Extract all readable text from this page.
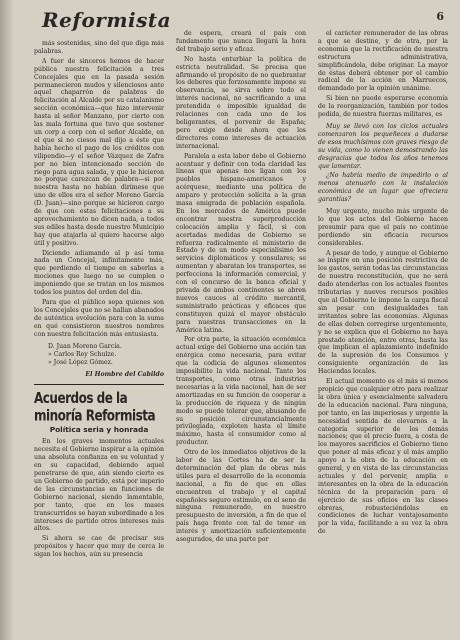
Reformista	6

más sostenidas, sino del que diga más palabras.

A fuer de sinceros hemos de hacer pública nuestra felicitación a tres Concejales que en la pasada sesión permanecieron mudos y silenciosos ante aquel chaparrón de palabras de felicitación al Alcalde por su catalanismo sección económica—que hizo intervenir hasta al señor Manzano, por cierto con las mala fortuna que tuvo que sostener un corp a corp con el señor Alcalde, en el que si no ciesos mal dijo a éste que había hecho el pago de los créditos con vilipendio—y el señor Vázquez de Zafra por no bien intencionado sección de riego para agua salada, y que le hicieron no porque carezcan de palabra—si por nuestra hasta no habían dirímese que uno de ellos era el señor Moreno García (D. Juan)—sino porque se hicieron cargo de que con estas felicitaciones a su aprovechamiento no dicen nada, a todos sus ediles hasta desde nuestro Municipio hay que atajarla al quiero hacerse algo útil y positivo.

Diciendo adiamando al p así toma nada un Concejal, infinitamente más, que perdiendo el tiempo en saberlas a mociones que luego no se cumplen o imponiendo que se tratan en los mismos todos los puntos del orden del día.

Para que el público sepa quienes son los Concejales que no se hallan abanados de auténtica evolución para con la suma en qué consistieron nuestros nombres con nuestra felicitación más entusiasta.

D. Juan Moreno García.
» Carlos Rey Schulze.
» José López Gómez.
El Hombre del Cabildo
Acuerdos de la minoría Reformista
Política seria y honrada

En los graves momentos actuales necesita el Gobierno inspirar a la opinión una absoluta confianza en su voluntad y en su capacidad, debiendo aquel penetrarse de que, aún siendo cierto es un Gobierno de partido, está por imperio de las circunstancias en funciones de Gobierno nacional, siendo lamentable, por tanto, que en los mases transcurridos se hayan subordinado a los intereses de partido otros intereses más altos.

Si ahora se cae de precisar sus propósitos y hacer que muy de cerca le sigan los hechos, aún su presencia

de espera, creará el país con fundamento que nunca llegará la hora del trabajo serio y eficaz.

No hasta enturbiar la política de estricta neutralidad. Se precisa que afirmando el propósito de no quebrantar los deberes que forzosamente impone su observancia, se sirva sobre todo el interés nacional, no sacrificando a una pretendida e imposible igualdad de relaciones con cada uno de los beligerantes, el porvenir de España; pero exige desde ahora que los directores como intereses de actuación internacional.

Paralela a esta labor debe el Gobierno acentuar y definir con toda claridad las líneas que apenas nos ligan con los pueblos hispano-americanos y acérquese, mediante una política de amparo y protección solícita a la gran masa emigrada de población española. En los mercados de América puede encontrar nuestra superproducción colocación amplia y fácil, si con acertadas medidas de Gobierno se refuerza radicalmente el ministerio de Estado y de un modo especialísimo los servicios diplomáticos y consulares; se aumentan y abaratan los transportes, se perfecciona la información comercial, y con el concurso de la banca oficial y privada de ambos continentes se abren nuevos cauces al crédito mercantil, suministrado prácticas y eficaces que constituyen quizá el mayor obstáculo para nuestras transacciones en la América latina.

Por otra parte, la situación económica actual exige del Gobierno una acción tan enérgica como necesaria, para evitar que la codicia de algunos elementos imposibilite la vida nacional. Tanto los transportes, como otras industrias necesarias a la vida nacional, han de ser amortizadas en su función de cooperar a la producción de riqueza y de ningún modo se puede tolerar que, abusando de su posición circunstancialmente privilegiada, exploten hasta el límite máximo, hasta el consumidor como al productor.

Otro de los inmediatos objetivos de la labor de las Cortes ha de ser la determinación del plan de obras más útiles para el desarrollo de la economía nacional, a fin de que en ellas encuentren el trabajo y el capital españoles seguro estímulo, en el seno de ninguna remunerado, en nuestro presupuesto de inversión, a fin de que el país haga frente con tal de tener en interés y amortización suficientemente asegurados, de una parte por

el carácter remunerador de las obras a que se destine, y de otra, por la economía que la rectificación de nuestra estructura administrativa, simplificándola, debe originar. La mayor de éstas deberá obtener por el cambio radical de la acción en Marruecos, demandado por la opinión unánime.

Si bien no puede esperarse economía de la reorganización, también por todos pedida, de nuestra fuerzas militares, es

Muy se llevó con los ciclos actuales comenzaron los pequeñeces a dudarse de esos muchísimos con graves riesgo de su vida, como lo vienen demostrando las desgracias que todos los años tenemos que lamentar.

¿No habría medio de impedirlo o al menos atenuarlo con la instalación económica de un lugar que ofreciera garantías?

Muy urgente, mucho más urgente de lo que los actos del Gobierno hacen presumir para que el país no continúe perdiendo sin eficacia recursos considerables.

A pesar de todo, y aunque el Gobierno se inspire en una posición restrictiva de los gastos, serán todas las circunstancias de nuestra reconstitución, que no será dado atenderlas con los actuales fuentes tributarias y nuevos recursos posibles que al Gobierno le impone la carga fiscal sin pesar con desigualdades tan irritantes sobre las economías. Algunas de ellas deben corregirse urgentemente, y no se explica que el Gobierno no haya prestado atención, entre otras, hasta las que implican el aplazamiento indefinido de la supresión de los Consumos y consiguiente organización de las Haciendas locales.

El actual momento es el más si menos propicio que cualquier otro para realizar la obra única y esencialmente salvadora de la educación nacional. Para ninguna, por tanto, en las imperiosas y urgente la necesidad sentida de elevarnos a la categoría superior de los demás naciones; que el precio fuera, a costa de los mayores sacrificios el Gobierno tiene que poner al más eficaz y el más amplio apoyo a la obra de la educación en general, y en vista de las circunstancias actuales y del porvenir, amplia e interesantes en la obra de la educación técnica de la preparación para el ejercicio de sus oficios en las clases obreras, robusteciéndolas en condiciones de luchar ventajosamente por la vida, facilitando a su vez la obra de
